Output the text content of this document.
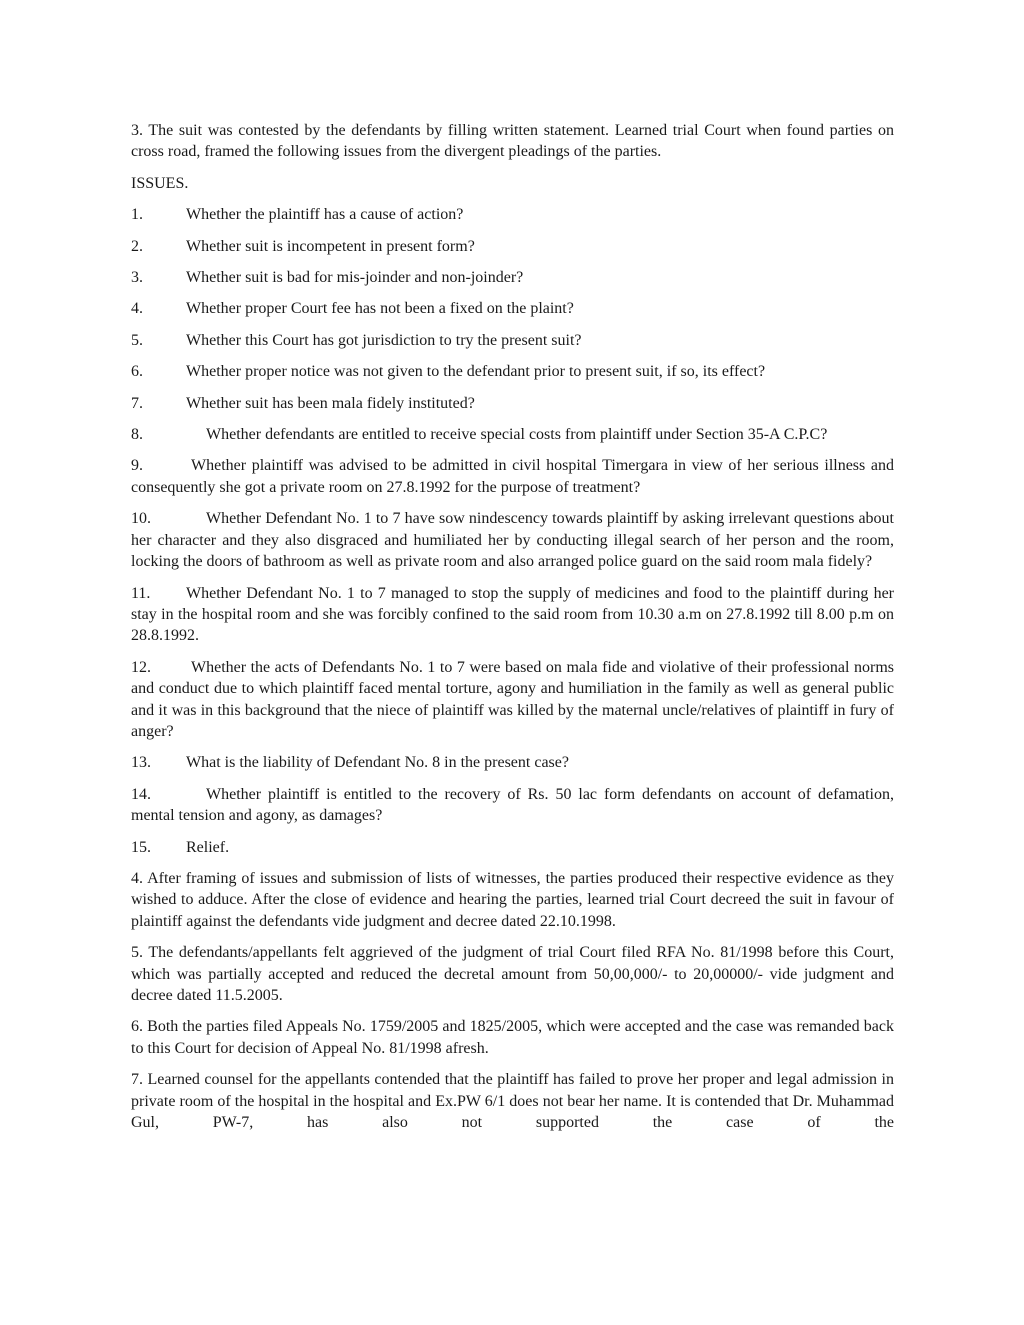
3. The suit was contested by the defendants by filling written statement. Learned trial Court when found parties on cross road, framed the following issues from the divergent pleadings of the parties.

ISSUES.

1.	Whether the plaintiff has a cause of action?
2.	Whether suit is incompetent in present form?
3.	Whether suit is bad for mis-joinder and non-joinder?
4.	Whether proper Court fee has not been a fixed on the plaint?
5.	Whether this Court has got jurisdiction to try the present suit?
6.	Whether proper notice was not given to the defendant prior to present suit, if so, its effect?
7.	Whether suit has been mala fidely instituted?

8.	Whether defendants are entitled to receive special costs from plaintiff under Section 35-A C.P.C?

9.	Whether plaintiff was advised to be admitted in civil hospital Timergara in view of her serious illness and consequently she got a private room on 27.8.1992 for the purpose of treatment?

10.	Whether Defendant No. 1 to 7 have sow nindescency towards plaintiff by asking irrelevant questions about her character and they also disgraced and humiliated her by conducting illegal search of her person and the room, locking the doors of bathroom as well as private room and also arranged police guard on the said room mala fidely?

11. Whether Defendant No. 1 to 7 managed to stop the supply of medicines and food to the plaintiff during her stay in the hospital room and she was forcibly confined to the said room from 10.30 a.m on 27.8.1992 till 8.00 p.m on 28.8.1992.

12.	Whether the acts of Defendants No. 1 to 7 were based on mala fide and violative of their professional norms and conduct due to which plaintiff faced mental torture, agony and humiliation in the family as well as general public and it was in this background that the niece of plaintiff was killed by the maternal uncle/relatives of plaintiff in fury of anger?

13.	What is the liability of Defendant No. 8 in the present case?

14.	Whether plaintiff is entitled to the recovery of Rs. 50 lac form defendants on account of defamation, mental tension and agony, as damages?

15.	Relief.

4. After framing of issues and submission of lists of witnesses, the parties produced their respective evidence as they wished to adduce. After the close of evidence and hearing the parties, learned trial Court decreed the suit in favour of plaintiff against the defendants vide judgment and decree dated 22.10.1998.

5. The defendants/appellants felt aggrieved of the judgment of trial Court filed RFA No. 81/1998 before this Court, which was partially accepted and reduced the decretal amount from 50,00,000/- to 20,00000/- vide judgment and decree dated 11.5.2005.

6. Both the parties filed Appeals No. 1759/2005 and 1825/2005, which were accepted and the case was remanded back to this Court for decision of Appeal No. 81/1998 afresh.

7. Learned counsel for the appellants contended that the plaintiff has failed to prove her proper and legal admission in private room of the hospital in the hospital and Ex.PW 6/1 does not bear her name. It is contended that Dr. Muhammad Gul, PW-7, has also not supported the case of the
